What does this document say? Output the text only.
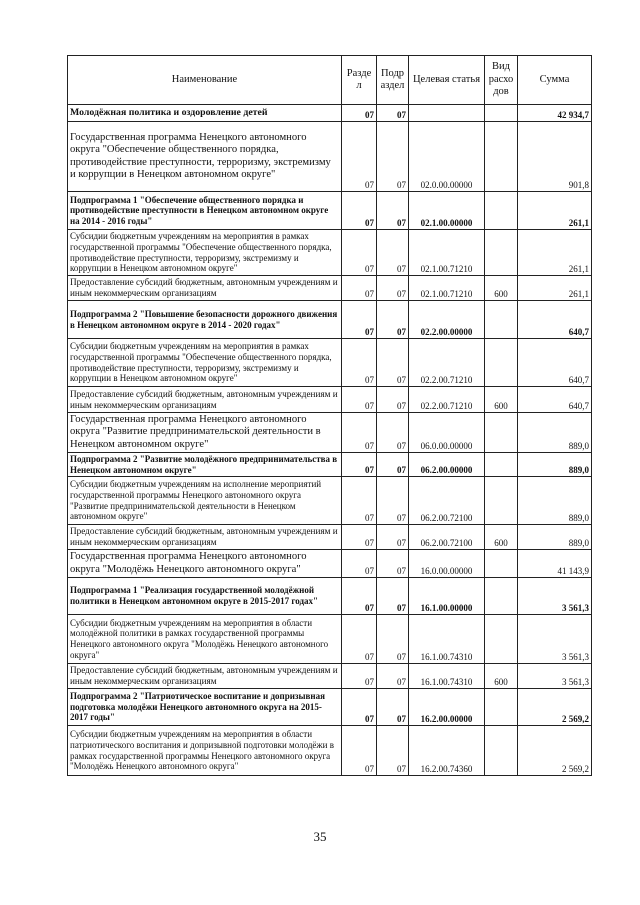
Наименование	Разде л	Подр аздел	Целевая статья	Вид расхо дов	Сумма
Молодёжная политика и оздоровление детей	07	07			42 934,7
Государственная программа Ненецкого автономного округа "Обеспечение общественного порядка, противодействие преступности, терроризму, экстремизму и коррупции в Ненецком автономном округе"	07	07	02.0.00.00000		901,8
Подпрограмма 1 "Обеспечение общественного порядка и противодействие преступности в Ненецком автономном округе на 2014 - 2016 годы"	07	07	02.1.00.00000		261,1
Субсидии бюджетным учреждениям на мероприятия в рамках государственной программы "Обеспечение общественного порядка, противодействие преступности, терроризму, экстремизму и коррупции в Ненецком автономном округе"	07	07	02.1.00.71210		261,1
Предоставление субсидий бюджетным, автономным учреждениям и иным некоммерческим организациям	07	07	02.1.00.71210	600	261,1
Подпрограмма 2 "Повышение безопасности дорожного движения в Ненецком автономном округе в 2014 - 2020 годах"	07	07	02.2.00.00000		640,7
Субсидии бюджетным учреждениям на мероприятия в рамках государственной программы "Обеспечение общественного порядка, противодействие преступности, терроризму, экстремизму и коррупции в Ненецком автономном округе"	07	07	02.2.00.71210		640,7
Предоставление субсидий бюджетным, автономным учреждениям и иным некоммерческим организациям	07	07	02.2.00.71210	600	640,7
Государственная программа Ненецкого автономного округа "Развитие предпринимательской деятельности в Ненецком автономном округе"	07	07	06.0.00.00000		889,0
Подпрограмма 2 "Развитие молодёжного предпринимательства в Ненецком автономном округе"	07	07	06.2.00.00000		889,0
Субсидии бюджетным учреждениям на исполнение мероприятий государственной программы Ненецкого автономного округа "Развитие предпринимательской деятельности в Ненецком автономном округе"	07	07	06.2.00.72100		889,0
Предоставление субсидий бюджетным, автономным учреждениям и иным некоммерческим организациям	07	07	06.2.00.72100	600	889,0
Государственная программа Ненецкого автономного округа "Молодёжь Ненецкого автономного округа"	07	07	16.0.00.00000		41 143,9
Подпрограмма 1 "Реализация государственной молодёжной политики в Ненецком автономном округе в 2015-2017 годах"	07	07	16.1.00.00000		3 561,3
Субсидии бюджетным учреждениям на мероприятия в области молодёжной политики в рамках государственной программы Ненецкого автономного округа "Молодёжь Ненецкого автономного округа"	07	07	16.1.00.74310		3 561,3
Предоставление субсидий бюджетным, автономным учреждениям и иным некоммерческим организациям	07	07	16.1.00.74310	600	3 561,3
Подпрограмма 2 "Патриотическое воспитание и допризывная подготовка молодёжи Ненецкого автономного округа на 2015-2017 годы"	07	07	16.2.00.00000		2 569,2
Субсидии бюджетным учреждениям на мероприятия в области патриотического воспитания и допризывной подготовки молодёжи в рамках государственной программы Ненецкого автономного округа "Молодёжь Ненецкого автономного округа"	07	07	16.2.00.74360		2 569,2
35
